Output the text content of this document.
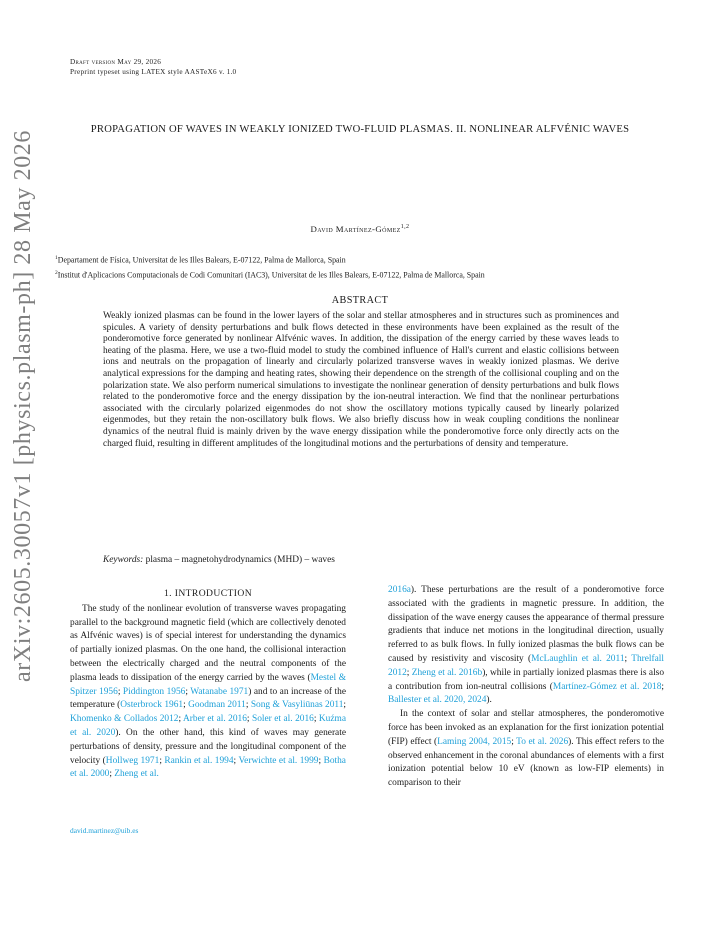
Draft version May 29, 2026
Preprint typeset using LATEX style AASTeX6 v. 1.0
PROPAGATION OF WAVES IN WEAKLY IONIZED TWO-FLUID PLASMAS. II. NONLINEAR ALFVÉNIC WAVES
David Martínez-Gómez$^{1,2}$
$^1$Departament de Física, Universitat de les Illes Balears, E-07122, Palma de Mallorca, Spain
$^2$Institut d'Aplicacions Computacionals de Codi Comunitari (IAC3), Universitat de les Illes Balears, E-07122, Palma de Mallorca, Spain
ABSTRACT
Weakly ionized plasmas can be found in the lower layers of the solar and stellar atmospheres and in structures such as prominences and spicules. A variety of density perturbations and bulk flows detected in these environments have been explained as the result of the ponderomotive force generated by nonlinear Alfvénic waves. In addition, the dissipation of the energy carried by these waves leads to heating of the plasma. Here, we use a two-fluid model to study the combined influence of Hall's current and elastic collisions between ions and neutrals on the propagation of linearly and circularly polarized transverse waves in weakly ionized plasmas. We derive analytical expressions for the damping and heating rates, showing their dependence on the strength of the collisional coupling and on the polarization state. We also perform numerical simulations to investigate the nonlinear generation of density perturbations and bulk flows related to the ponderomotive force and the energy dissipation by the ion-neutral interaction. We find that the nonlinear perturbations associated with the circularly polarized eigenmodes do not show the oscillatory motions typically caused by linearly polarized eigenmodes, but they retain the non-oscillatory bulk flows. We also briefly discuss how in weak coupling conditions the nonlinear dynamics of the neutral fluid is mainly driven by the wave energy dissipation while the ponderomotive force only directly acts on the charged fluid, resulting in different amplitudes of the longitudinal motions and the perturbations of density and temperature.
Keywords: plasma – magnetohydrodynamics (MHD) – waves
arXiv:2605.30057v1 [physics.plasm-ph] 28 May 2026	1. INTRODUCTION

The study of the nonlinear evolution of transverse waves propagating parallel to the background magnetic field (which are collectively denoted as Alfvénic waves) is of special interest for understanding the dynamics of partially ionized plasmas. On the one hand, the collisional interaction between the electrically charged and the neutral components of the plasma leads to dissipation of the energy carried by the waves (Mestel & Spitzer 1956; Piddington 1956; Watanabe 1971) and to an increase of the temperature (Osterbrock 1961; Goodman 2011; Song & Vasyliūnas 2011; Khomenko & Collados 2012; Arber et al. 2016; Soler et al. 2016; Kuźma et al. 2020). On the other hand, this kind of waves may generate perturbations of density, pressure and the longitudinal component of the velocity (Hollweg 1971; Rankin et al. 1994; Verwichte et al. 1999; Botha et al. 2000; Zheng et al.

2016a). These perturbations are the result of a ponderomotive force associated with the gradients in magnetic pressure. In addition, the dissipation of the wave energy causes the appearance of thermal pressure gradients that induce net motions in the longitudinal direction, usually referred to as bulk flows. In fully ionized plasmas the bulk flows can be caused by resistivity and viscosity (McLaughlin et al. 2011; Threlfall 2012; Zheng et al. 2016b), while in partially ionized plasmas there is also a contribution from ion-neutral collisions (Martínez-Gómez et al. 2018; Ballester et al. 2020, 2024).

In the context of solar and stellar atmospheres, the ponderomotive force has been invoked as an explanation for the first ionization potential (FIP) effect (Laming 2004, 2015; To et al. 2026). This effect refers to the observed enhancement in the coronal abundances of elements with a first ionization potential below 10 eV (known as low-FIP elements) in comparison to their

david.martinez@uib.es
